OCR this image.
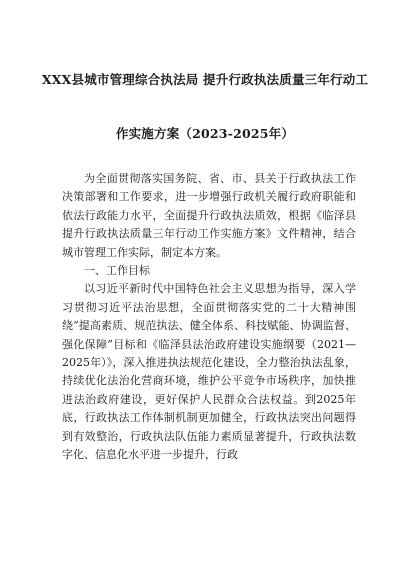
XXX县城市管理综合执法局 提升行政执法质量三年行动工
作实施方案（2023-2025年）

为全面贯彻落实国务院、省、市、县关于行政执法工作决策部署和工作要求，进一步增强行政机关履行政府职能和依法行政能力水平，全面提升行政执法质效，根据《临泽县提升行政执法质量三年行动工作实施方案》文件精神，结合城市管理工作实际，制定本方案。

一、工作目标

以习近平新时代中国特色社会主义思想为指导，深入学习贯彻习近平法治思想，全面贯彻落实党的二十大精神围绕“提高素质、规范执法、健全体系、科技赋能、协调监督、强化保障”目标和《临泽县法治政府建设实施纲要（2021—2025年）》，深入推进执法规范化建设，全力整治执法乱象，持续优化法治化营商环境，维护公平竞争市场秩序，加快推进法治政府建设，更好保护人民群众合法权益。到2025年底，行政执法工作体制机制更加健全，行政执法突出问题得到有效整治，行政执法队伍能力素质显著提升，行政执法数字化、信息化水平进一步提升，行政
